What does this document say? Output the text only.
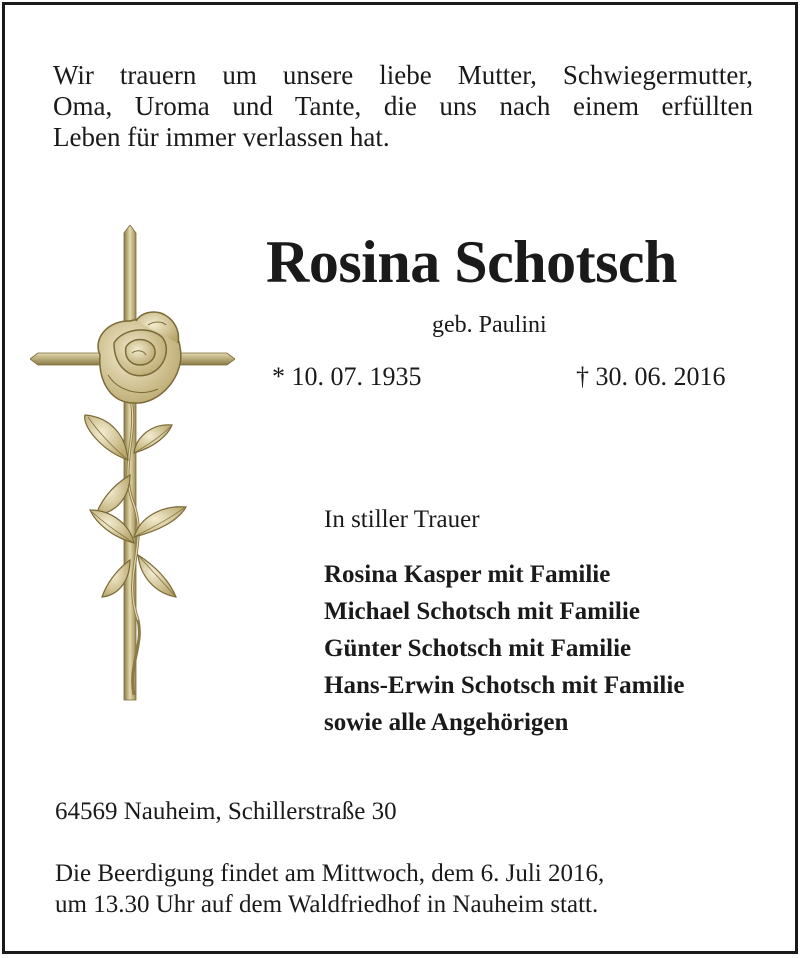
Wir trauern um unsere liebe Mutter, Schwiegermutter,
Oma, Uroma und Tante, die uns nach einem erfüllten
Leben für immer verlassen hat.

Rosina Schotsch

geb. Paulini

* 10. 07. 1935	† 30. 06. 2016

In stiller Trauer

Rosina Kasper mit Familie
Michael Schotsch mit Familie
Günter Schotsch mit Familie
Hans-Erwin Schotsch mit Familie
sowie alle Angehörigen

64569 Nauheim, Schillerstraße 30

Die Beerdigung findet am Mittwoch, dem 6. Juli 2016,
um 13.30 Uhr auf dem Waldfriedhof in Nauheim statt.
